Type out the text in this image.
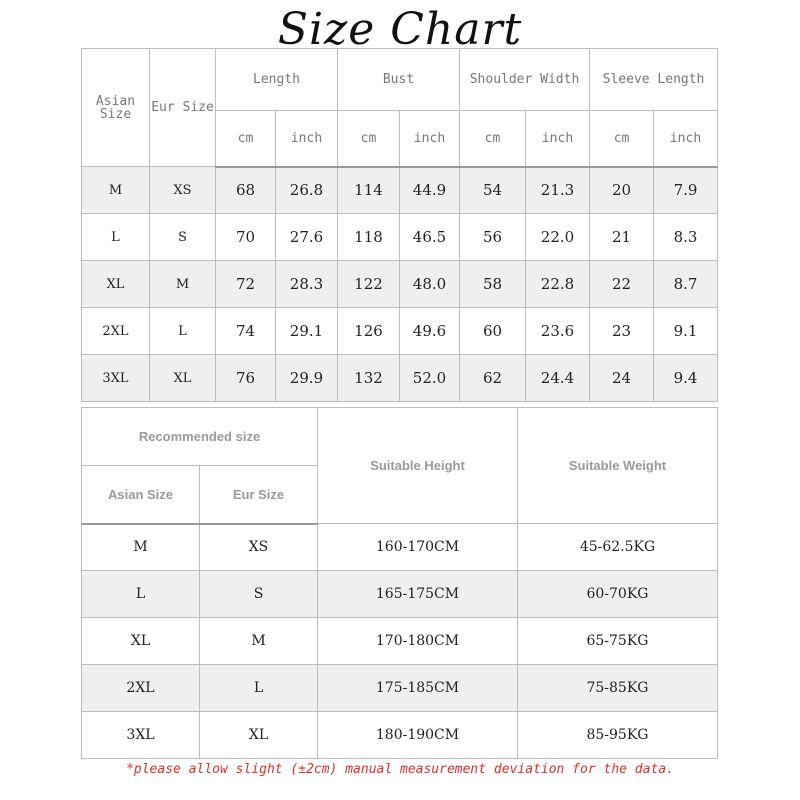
Size Chart
Asian Size	Eur Size	Length		Bust		Shoulder Width		Sleeve Length	
		cm	inch	cm	inch	cm	inch	cm	inch
M	XS	68	26.8	114	44.9	54	21.3	20	7.9
L	S	70	27.6	118	46.5	56	22.0	21	8.3
XL	M	72	28.3	122	48.0	58	22.8	22	8.7
2XL	L	74	29.1	126	49.6	60	23.6	23	9.1
3XL	XL	76	29.9	132	52.0	62	24.4	24	9.4
Recommended size		Suitable Height	Suitable Weight
Asian Size	Eur Size		
M	XS	160-170CM	45-62.5KG
L	S	165-175CM	60-70KG
XL	M	170-180CM	65-75KG
2XL	L	175-185CM	75-85KG
3XL	XL	180-190CM	85-95KG
*please allow slight (±2cm) manual measurement deviation for the data.
